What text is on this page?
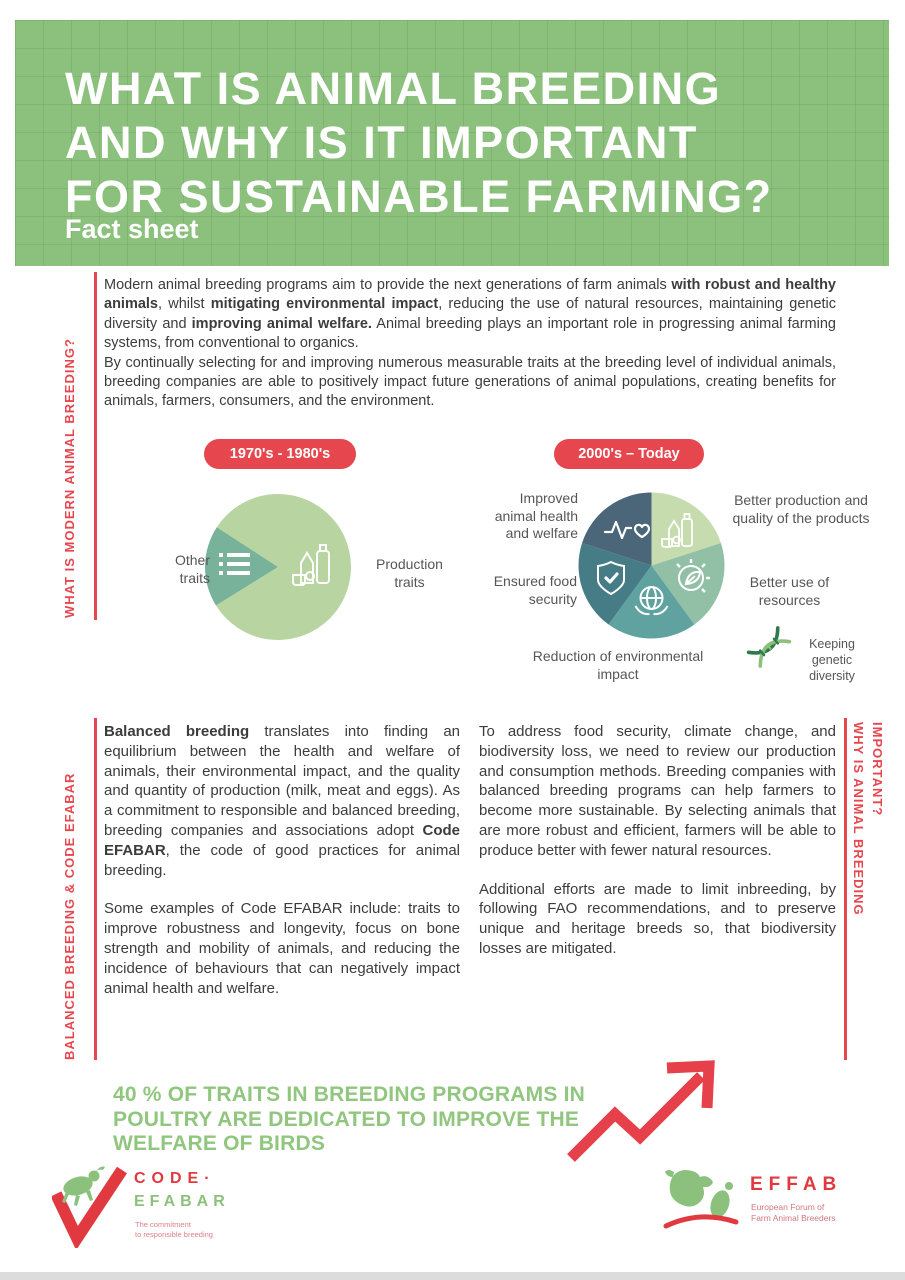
WHAT IS ANIMAL BREEDING
AND WHY IS IT IMPORTANT
FOR SUSTAINABLE FARMING?
Fact sheet
WHAT IS MODERN ANIMAL BREEDING?
Modern animal breeding programs aim to provide the next generations of farm animals with robust and healthy animals, whilst mitigating environmental impact, reducing the use of natural resources, maintaining genetic diversity and improving animal welfare. Animal breeding plays an important role in progressing animal farming systems, from conventional to organics.
By continually selecting for and improving numerous measurable traits at the breeding level of individual animals, breeding companies are able to positively impact future generations of animal populations, creating benefits for animals, farmers, consumers, and the environment.
1970's - 1980's	2000's – Today
Other traits
Production traits
Improved animal health and welfare
Better production and quality of the products
Ensured food security
Better use of resources
Reduction of environmental impact
Keeping genetic diversity
BALANCED BREEDING & CODE EFABAR
Balanced breeding translates into finding an equilibrium between the health and welfare of animals, their environmental impact, and the quality and quantity of production (milk, meat and eggs). As a commitment to responsible and balanced breeding, breeding companies and associations adopt Code EFABAR, the code of good practices for animal breeding.
Some examples of Code EFABAR include: traits to improve robustness and longevity, focus on bone strength and mobility of animals, and reducing the incidence of behaviours that can negatively impact animal health and welfare.
To address food security, climate change, and biodiversity loss, we need to review our production and consumption methods. Breeding companies with balanced breeding programs can help farmers to become more sustainable. By selecting animals that are more robust and efficient, farmers will be able to produce better with fewer natural resources.
Additional efforts are made to limit inbreeding, by following FAO recommendations, and to preserve unique and heritage breeds so, that biodiversity losses are mitigated.
WHY IS ANIMAL BREEDING IMPORTANT?
40 % OF TRAITS IN BREEDING PROGRAMS IN POULTRY ARE DEDICATED TO IMPROVE THE WELFARE OF BIRDS
CODE·
EFABAR
The commitment
to responsible breeding
EFFAB
European Forum of
Farm Animal Breeders
